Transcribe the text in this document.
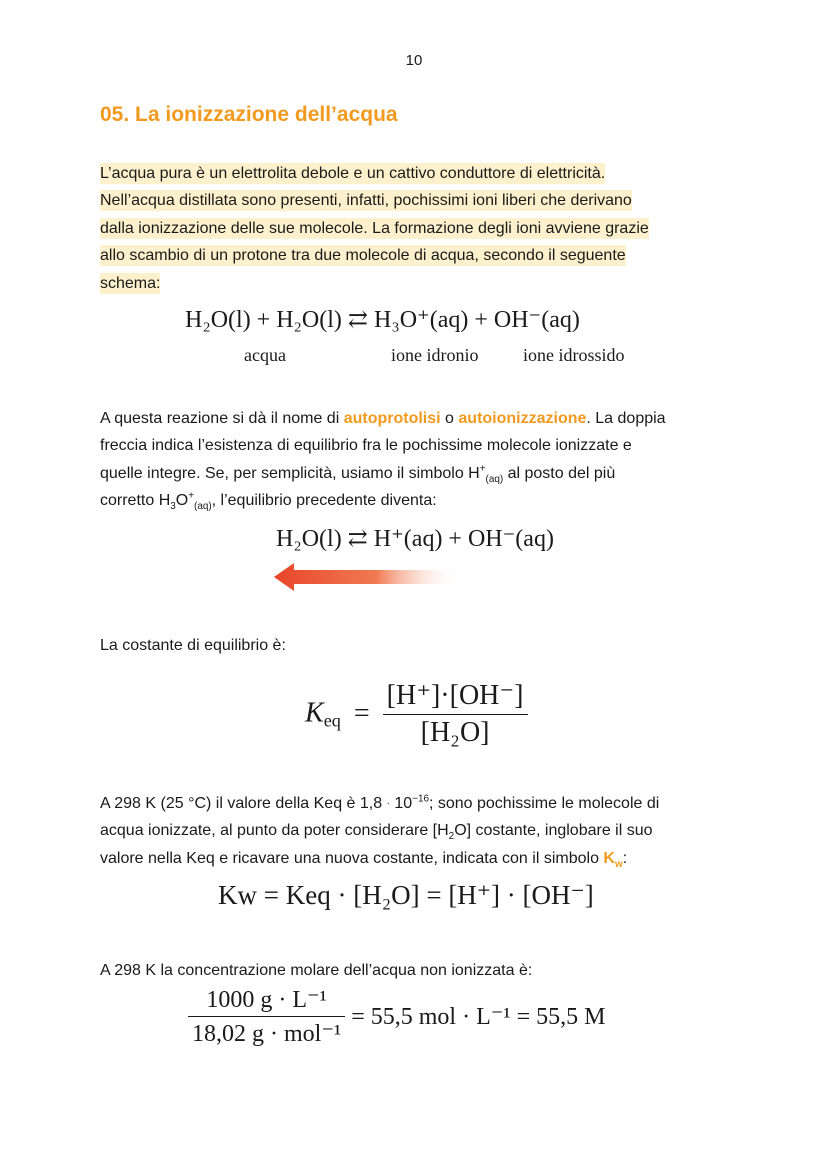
10
05. La ionizzazione dell’acqua
L’acqua pura è un elettrolita debole e un cattivo conduttore di elettricità.
Nell’acqua distillata sono presenti, infatti, pochissimi ioni liberi che derivano
dalla ionizzazione delle sue molecole. La formazione degli ioni avviene grazie
allo scambio di un protone tra due molecole di acqua, secondo il seguente
schema:
H₂O(l) + H₂O(l) ⇄ H₃O⁺(aq) + OH⁻(aq)
acqua	ione idronio ione idrossido
A questa reazione si dà il nome di autoprotolisi o autoionizzazione. La doppia
freccia indica l’esistenza di equilibrio fra le pochissime molecole ionizzate e
quelle integre. Se, per semplicità, usiamo il simbolo $H^+_{(aq)}$ al posto del più
corretto $H_3O^+_{(aq)}$, l’equilibrio precedente diventa:
H₂O(l) ⇄ H⁺(aq) + OH⁻(aq)
La costante di equilibrio è:
$K_{eq} = \frac{[H^+]\cdot[OH^-]}{\text{[H₂O]}}$
A 298 K (25 °C) il valore della Keq è $1,8 \cdot 10^{-16}$; sono pochissime le molecole di
acqua ionizzate, al punto da poter considerare $[H_2O]$ costante, inglobare il suo
valore nella Keq e ricavare una nuova costante, indicata con il simbolo $K_w$:
Kw = Keq · [H₂O] = [H⁺] · [OH⁻]
A 298 K la concentrazione molare dell’acqua non ionizzata è:
$\frac{\text{1000 g · L⁻¹}}{\text{18,02 g · mol⁻¹}} = 55,5$ mol · L⁻¹ = 55,5 M
